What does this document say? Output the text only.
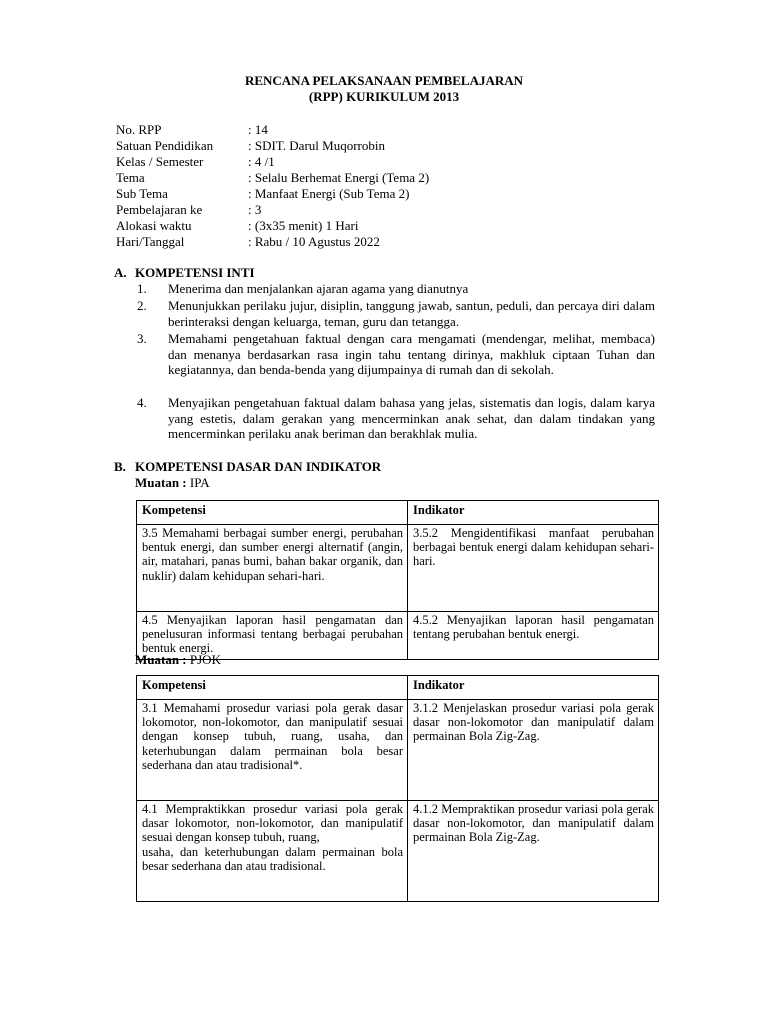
RENCANA PELAKSANAAN PEMBELAJARAN
(RPP) KURIKULUM 2013
No. RPP	: 14
Satuan Pendidikan	: SDIT. Darul Muqorrobin
Kelas / Semester	: 4 /1
Tema	: Selalu Berhemat Energi (Tema 2)
Sub Tema	: Manfaat Energi (Sub Tema 2)
Pembelajaran ke	: 3
Alokasi waktu	: (3x35 menit) 1 Hari
Hari/Tanggal	: Rabu / 10 Agustus 2022
A. KOMPETENSI INTI
1. Menerima dan menjalankan ajaran agama yang dianutnya
2. Menunjukkan perilaku jujur, disiplin, tanggung jawab, santun, peduli, dan percaya diri dalam berinteraksi dengan keluarga, teman, guru dan tetangga.
3. Memahami pengetahuan faktual dengan cara mengamati (mendengar, melihat, membaca) dan menanya berdasarkan rasa ingin tahu tentang dirinya, makhluk ciptaan Tuhan dan kegiatannya, dan benda-benda yang dijumpainya di rumah dan di sekolah.
4. Menyajikan pengetahuan faktual dalam bahasa yang jelas, sistematis dan logis, dalam karya yang estetis, dalam gerakan yang mencerminkan anak sehat, dan dalam tindakan yang mencerminkan perilaku anak beriman dan berakhlak mulia.
B. KOMPETENSI DASAR DAN INDIKATOR
Muatan : IPA
Kompetensi	Indikator
3.5 Memahami berbagai sumber energi, perubahan bentuk energi, dan sumber energi alternatif (angin, air, matahari, panas bumi, bahan bakar organik, dan nuklir) dalam kehidupan sehari-hari.	3.5.2 Mengidentifikasi manfaat perubahan berbagai bentuk energi dalam kehidupan sehari-hari.
4.5 Menyajikan laporan hasil pengamatan dan penelusuran informasi tentang berbagai perubahan bentuk energi.	4.5.2 Menyajikan laporan hasil pengamatan tentang perubahan bentuk energi.
Muatan : PJOK
Kompetensi	Indikator
3.1 Memahami prosedur variasi pola gerak dasar lokomotor, non-lokomotor, dan manipulatif sesuai dengan konsep tubuh, ruang, usaha, dan keterhubungan dalam permainan bola besar sederhana dan atau tradisional*.	3.1.2 Menjelaskan prosedur variasi pola gerak dasar non-lokomotor dan manipulatif dalam permainan Bola Zig-Zag.

4.1 Mempraktikkan prosedur variasi pola gerak dasar lokomotor, non-lokomotor, dan manipulatif sesuai dengan konsep tubuh, ruang,
usaha, dan keterhubungan dalam permainan bola besar sederhana dan atau tradisional.	4.1.2 Mempraktikan prosedur variasi pola gerak dasar non-lokomotor, dan manipulatif dalam permainan Bola Zig-Zag.
